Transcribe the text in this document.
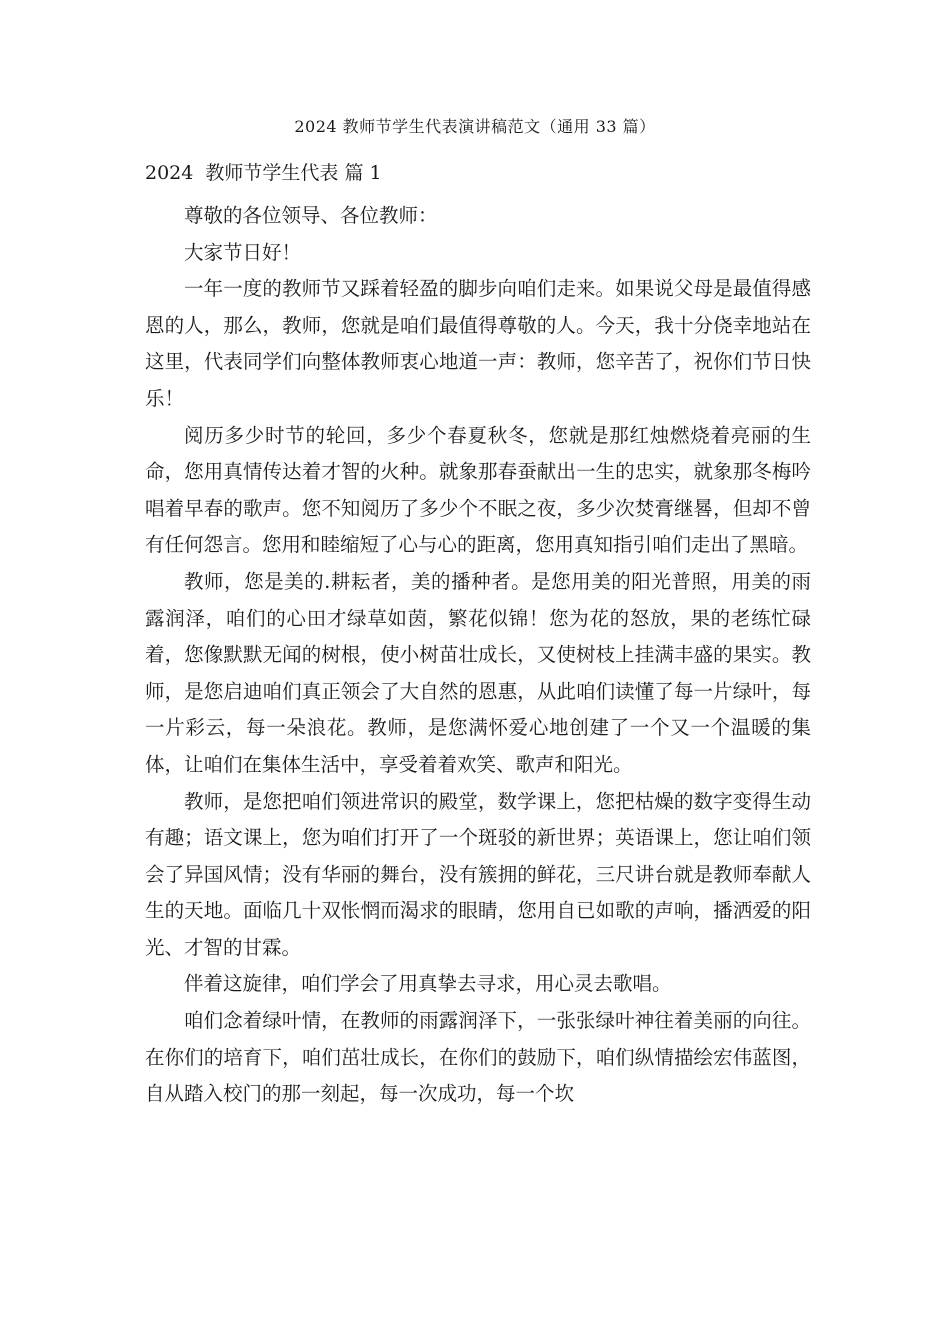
2024 教师节学生代表演讲稿范文（通用 33 篇）
2024  教师节学生代表 篇 1

尊敬的各位领导、各位教师：

大家节日好！

一年一度的教师节又踩着轻盈的脚步向咱们走来。如果说父母是最值得感恩的人，那么，教师，您就是咱们最值得尊敬的人。今天，我十分侥幸地站在这里，代表同学们向整体教师衷心地道一声：教师，您辛苦了，祝你们节日快乐！

阅历多少时节的轮回，多少个春夏秋冬，您就是那红烛燃烧着亮丽的生命，您用真情传达着才智的火种。就象那春蚕献出一生的忠实，就象那冬梅吟唱着早春的歌声。您不知阅历了多少个不眠之夜，多少次焚膏继晷，但却不曾有任何怨言。您用和睦缩短了心与心的距离，您用真知指引咱们走出了黑暗。

教师，您是美的.耕耘者，美的播种者。是您用美的阳光普照，用美的雨露润泽，咱们的心田才绿草如茵，繁花似锦！您为花的怒放，果的老练忙碌着，您像默默无闻的树根，使小树苗壮成长，又使树枝上挂满丰盛的果实。教师，是您启迪咱们真正领会了大自然的恩惠，从此咱们读懂了每一片绿叶，每一片彩云，每一朵浪花。教师，是您满怀爱心地创建了一个又一个温暖的集体，让咱们在集体生活中，享受着着欢笑、歌声和阳光。

教师，是您把咱们领进常识的殿堂，数学课上，您把枯燥的数字变得生动有趣；语文课上，您为咱们打开了一个斑驳的新世界；英语课上，您让咱们领会了异国风情；没有华丽的舞台，没有簇拥的鲜花，三尺讲台就是教师奉献人生的天地。面临几十双怅惘而渴求的眼睛，您用自已如歌的声响，播洒爱的阳光、才智的甘霖。

伴着这旋律，咱们学会了用真挚去寻求，用心灵去歌唱。

咱们念着绿叶情，在教师的雨露润泽下，一张张绿叶神往着美丽的向往。在你们的培育下，咱们茁壮成长，在你们的鼓励下，咱们纵情描绘宏伟蓝图，自从踏入校门的那一刻起，每一次成功，每一个坎
